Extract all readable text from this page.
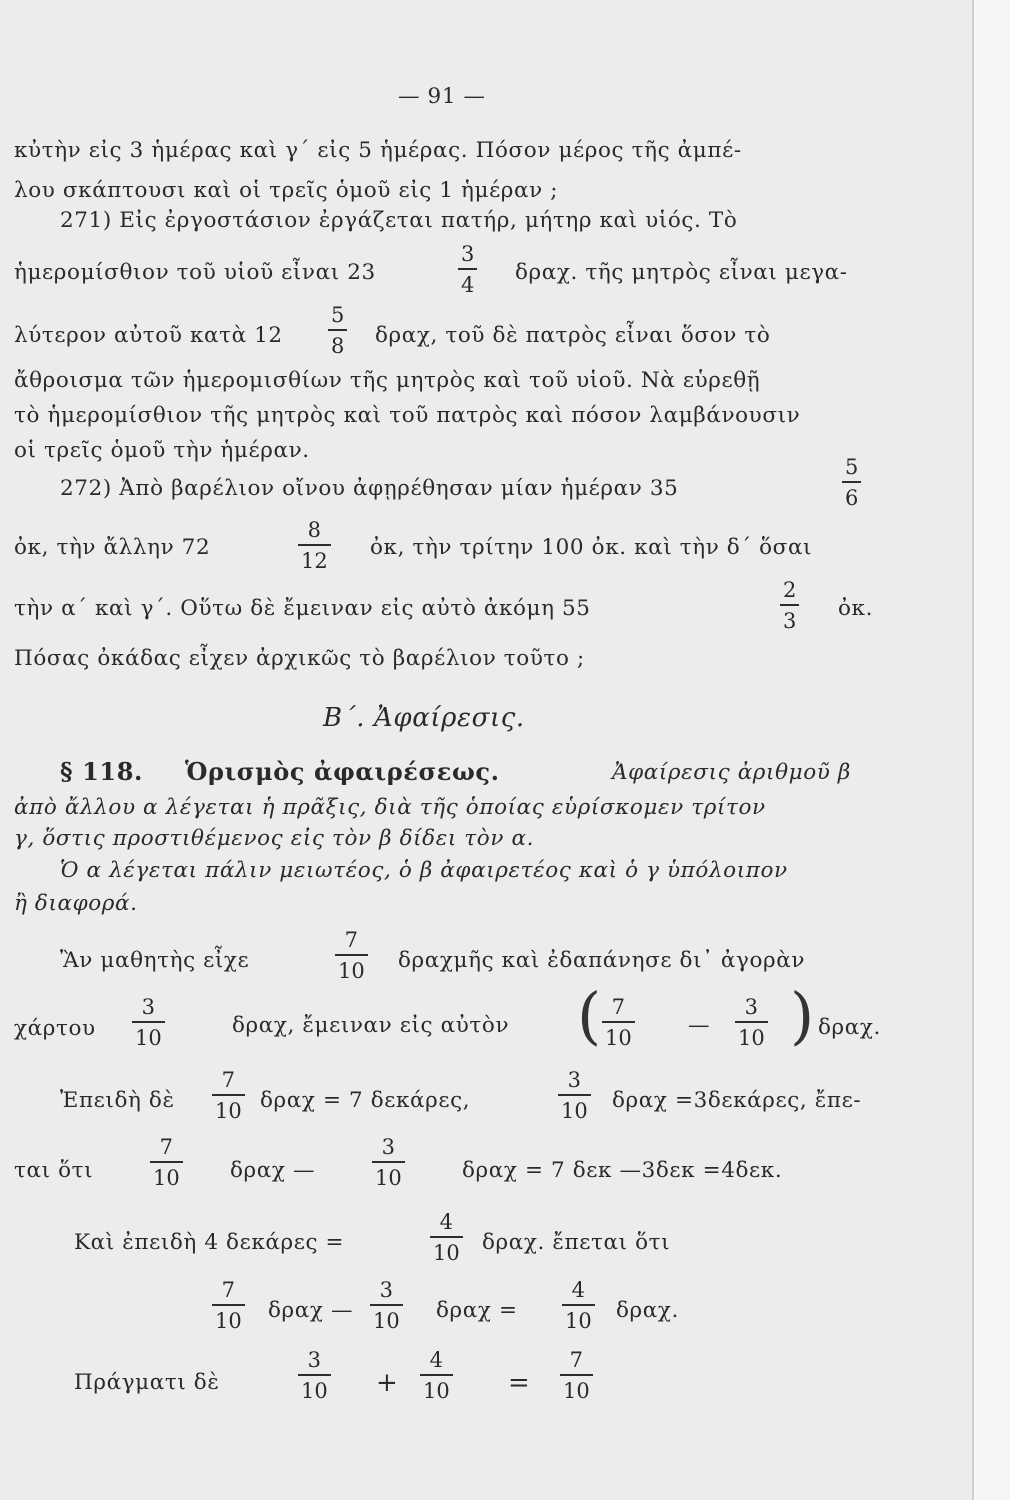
— 91 —
κὐτὴν εἰς 3 ἡμέρας καὶ γ΄ εἰς 5 ἡμέρας. Πόσον μέρος τῆς ἀμπέ-
λου σκάπτουσι καὶ οἱ τρεῖς ὁμοῦ εἰς 1 ἡμέραν ;
271) Εἰς ἐργοστάσιον ἐργάζεται πατήρ, μήτηρ καὶ υἱός. Τὸ
ἡμερομίσθιον τοῦ υἱοῦ εἶναι 23
3
4 δραχ. τῆς μητρὸς εἶναι μεγα-
λύτερον αὐτοῦ κατὰ 12
5
8 δραχ, τοῦ δὲ πατρὸς εἶναι ὅσον τὸ
ἄθροισμα τῶν ἡμερομισθίων τῆς μητρὸς καὶ τοῦ υἱοῦ. Νὰ εὑρεθῇ
τὸ ἡμερομίσθιον τῆς μητρὸς καὶ τοῦ πατρὸς καὶ πόσον λαμβάνουσιν
οἱ τρεῖς ὁμοῦ τὴν ἡμέραν.
272) Ἀπὸ βαρέλιον οἴνου ἀφῃρέθησαν μίαν ἡμέραν 35
5
6
ὀκ, τὴν ἄλλην 72
8
12
ὀκ, τὴν τρίτην 100 ὀκ. καὶ τὴν δ΄ ὅσαι
τὴν α΄ καὶ γ΄. Οὕτω δὲ ἔμειναν εἰς αὐτὸ ἀκόμη 55
2
3 ὀκ.
Πόσας ὀκάδας εἶχεν ἀρχικῶς τὸ βαρέλιον τοῦτο ;
Β΄. Ἀφαίρεσις.
§ 118. Ὁρισμὸς ἀφαιρέσεως.	Ἀφαίρεσις ἀριθμοῦ β
ἀπὸ ἄλλου α λέγεται ἡ πρᾶξις, διὰ τῆς ὁποίας εὑρίσκομεν τρίτον
γ, ὅστις προστιθέμενος εἰς τὸν β δίδει τὸν α.
Ὁ α λέγεται πάλιν μειωτέος, ὁ β ἀφαιρετέος καὶ ὁ γ ὑπόλοιπον
ἢ διαφορά.
Ἂν μαθητὴς εἶχε
7
10 δραχμῆς καὶ ἐδαπάνησε δι᾽ ἀγορὰν
χάρτου
3
10	δραχ, ἔμειναν εἰς αὐτὸν ( 7
10	—
3
10 ) δραχ.
Ἐπειδὴ δὲ
7
10 δραχ = 7 δεκάρες,
3
10 δραχ =3δεκάρες, ἔπε-
ται ὅτι
7
10 δραχ —
3
10	δραχ = 7 δεκ —3δεκ =4δεκ.
Καὶ ἐπειδὴ 4 δεκάρες =
4
10 δραχ. ἔπεται ὅτι
7
10 δραχ —
3
10 δραχ =
4
10 δραχ.
Πράγματι δὲ
3
10 +
4
10 =
7
10
